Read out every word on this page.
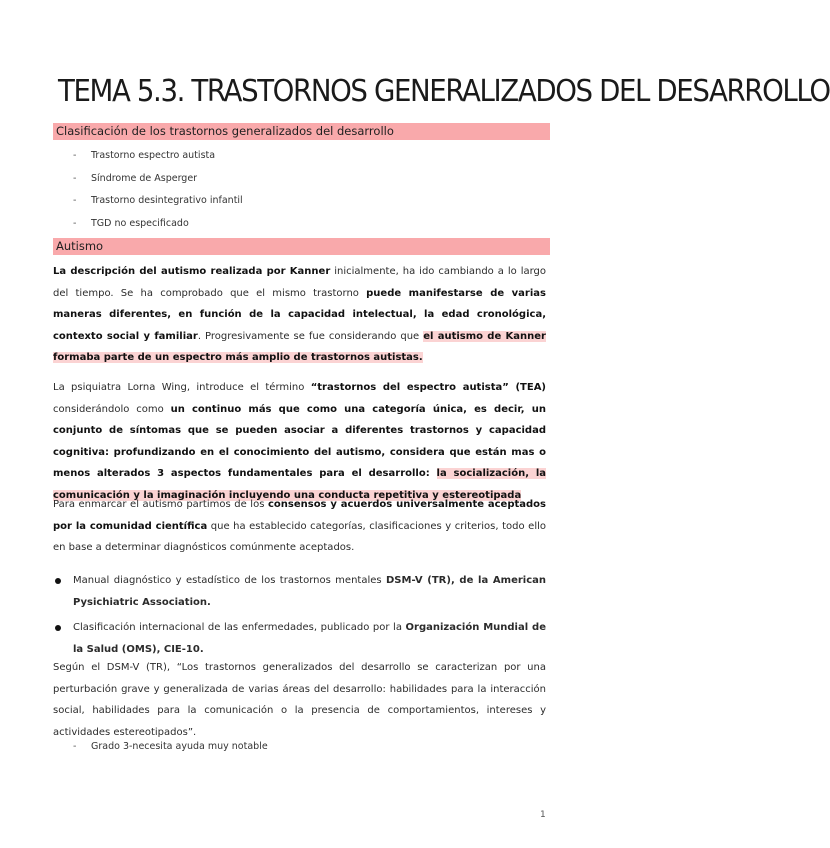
TEMA 5.3. TRASTORNOS GENERALIZADOS DEL DESARROLLO
Clasificación de los trastornos generalizados del desarrollo
- Trastorno espectro autista
- Síndrome de Asperger
- Trastorno desintegrativo infantil
- TGD no especificado
Autismo
La descripción del autismo realizada por Kanner inicialmente, ha ido cambiando a lo largo del tiempo. Se ha comprobado que el mismo trastorno puede manifestarse de varias maneras diferentes, en función de la capacidad intelectual, la edad cronológica, contexto social y familiar. Progresivamente se fue considerando que el autismo de Kanner formaba parte de un espectro más amplio de trastornos autistas.
La psiquiatra Lorna Wing, introduce el término “trastornos del espectro autista” (TEA) considerándolo como un continuo más que como una categoría única, es decir, un conjunto de síntomas que se pueden asociar a diferentes trastornos y capacidad cognitiva: profundizando en el conocimiento del autismo, considera que están mas o menos alterados 3 aspectos fundamentales para el desarrollo: la socialización, la comunicación y la imaginación incluyendo una conducta repetitiva y estereotipada
Para enmarcar el autismo partimos de los consensos y acuerdos universalmente aceptados por la comunidad científica que ha establecido categorías, clasificaciones y criterios, todo ello en base a determinar diagnósticos comúnmente aceptados.
Manual diagnóstico y estadístico de los trastornos mentales DSM-V (TR), de la American Pysichiatric Association.
Clasificación internacional de las enfermedades, publicado por la Organización Mundial de la Salud (OMS), CIE-10.
Según el DSM-V (TR), “Los trastornos generalizados del desarrollo se caracterizan por una perturbación grave y generalizada de varias áreas del desarrollo: habilidades para la interacción social, habilidades para la comunicación o la presencia de comportamientos, intereses y actividades estereotipados”.
- Grado 3-necesita ayuda muy notable
1
